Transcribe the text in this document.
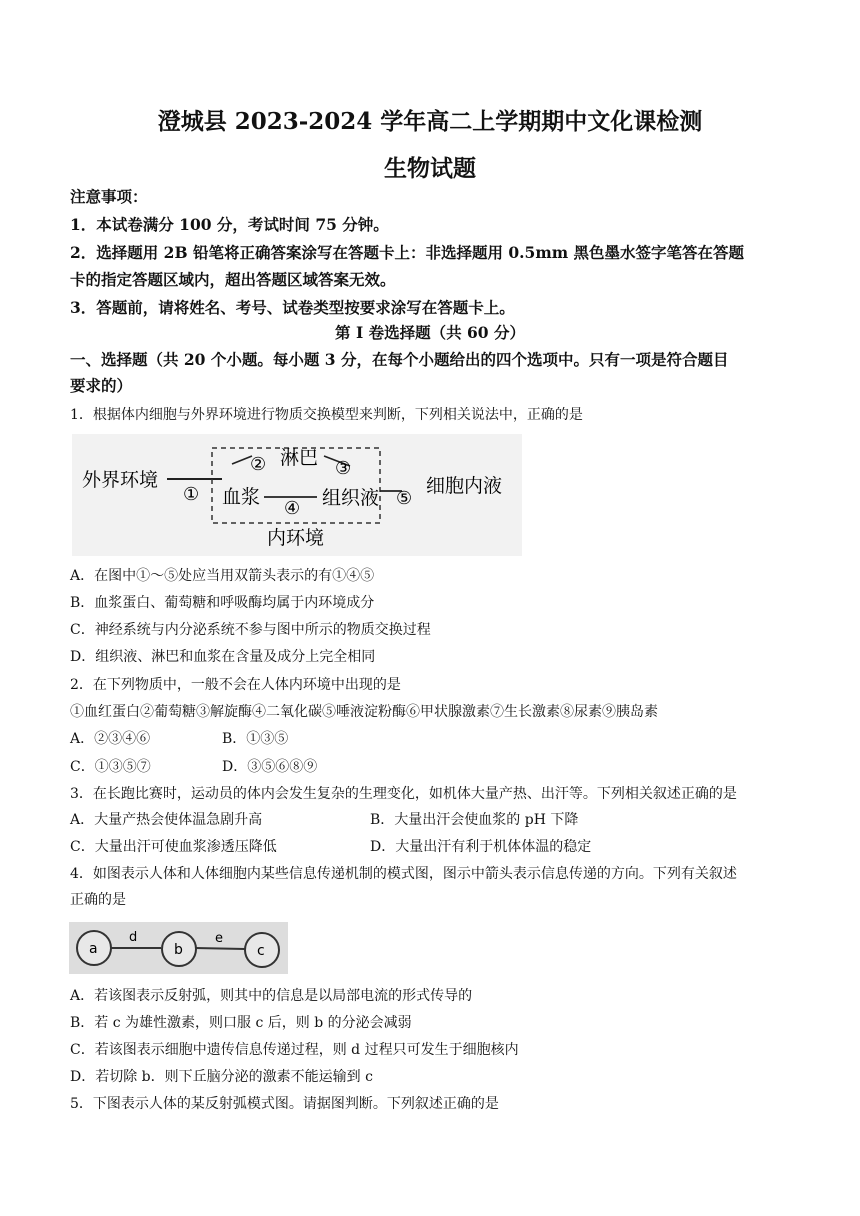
澄城县 2023-2024 学年高二上学期期中文化课检测
生物试题
注意事项：
1．本试卷满分 100 分，考试时间 75 分钟。
2．选择题用 2B 铅笔将正确答案涂写在答题卡上：非选择题用 0.5mm 黑色墨水签字笔答在答题
卡的指定答题区域内，超出答题区域答案无效。
3．答题前，请将姓名、考号、试卷类型按要求涂写在答题卡上。
第 I 卷选择题（共 60 分）
一、选择题（共 20 个小题。每小题 3 分，在每个小题给出的四个选项中。只有一项是符合题目
要求的）
1．根据体内细胞与外界环境进行物质交换模型来判断，下列相关说法中，正确的是
外界环境
①
② 淋巴 ③
血浆	组织液
④	⑤
细胞内液
内环境
A．在图中①～⑤处应当用双箭头表示的有①④⑤
B．血浆蛋白、葡萄糖和呼吸酶均属于内环境成分
C．神经系统与内分泌系统不参与图中所示的物质交换过程
D．组织液、淋巴和血浆在含量及成分上完全相同
2．在下列物质中，一般不会在人体内环境中出现的是
①血红蛋白②葡萄糖③解旋酶④二氧化碳⑤唾液淀粉酶⑥甲状腺激素⑦生长激素⑧尿素⑨胰岛素
A．②③④⑥	B．①③⑤
C．①③⑤⑦	D．③⑤⑥⑧⑨
3．在长跑比赛时，运动员的体内会发生复杂的生理变化，如机体大量产热、出汗等。下列相关叙述正确的是
A．大量产热会使体温急剧升高	B．大量出汗会使血浆的 pH 下降
C．大量出汗可使血浆渗透压降低	D．大量出汗有利于机体体温的稳定
4．如图表示人体和人体细胞内某些信息传递机制的模式图，图示中箭头表示信息传递的方向。下列有关叙述
正确的是
a	b	c
d	e
A．若该图表示反射弧，则其中的信息是以局部电流的形式传导的
B．若 c 为雄性激素，则口服 c 后，则 b 的分泌会减弱
C．若该图表示细胞中遗传信息传递过程，则 d 过程只可发生于细胞核内
D．若切除 b．则下丘脑分泌的激素不能运输到 c
5．下图表示人体的某反射弧模式图。请据图判断。下列叙述正确的是
